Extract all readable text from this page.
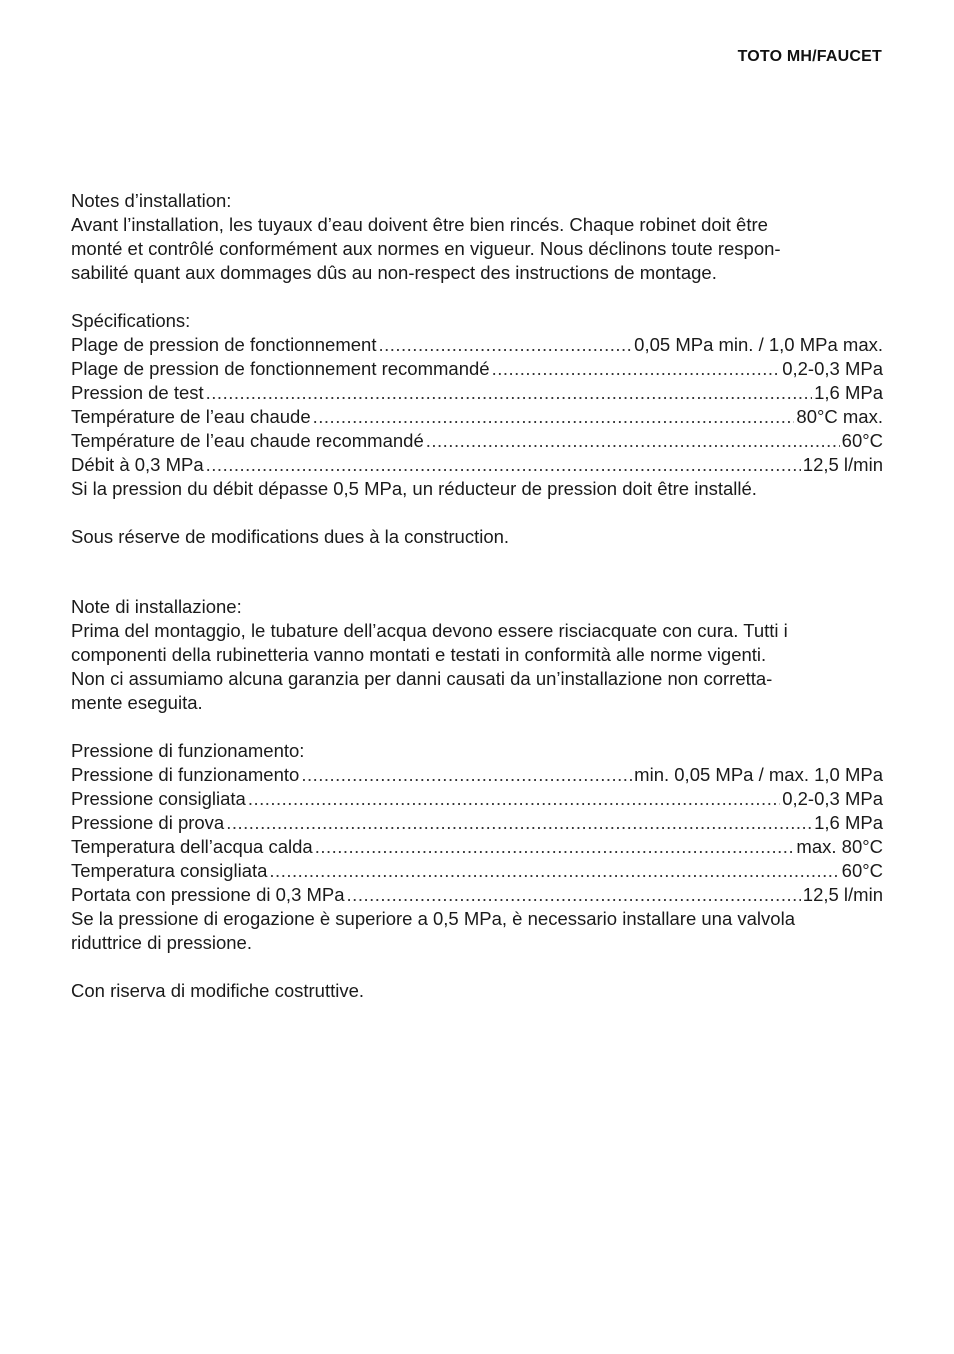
TOTO MH/FAUCET

Notes d’installation:

Avant l’installation, les tuyaux d’eau doivent être bien rincés. Chaque robinet doit être

monté et contrôlé conformément aux normes en vigueur. Nous déclinons toute respon-

sabilité quant aux dommages dûs au non-respect des instructions de montage.

Spécifications:

Plage de pression de fonctionnement .....	0,05 MPa min. / 1,0 MPa max.
Plage de pression de fonctionnement recommandé .....	0,2-0,3 MPa
Pression de test .....	1,6 MPa
Température de l’eau chaude .....	80°C max.
Température de l’eau chaude recommandé .....	60°C
Débit à 0,3 MPa .....	12,5 l/min

Si la pression du débit dépasse 0,5 MPa, un réducteur de pression doit être installé.

Sous réserve de modifications dues à la construction.

Note di installazione:

Prima del montaggio, le tubature dell’acqua devono essere risciacquate con cura. Tutti i

componenti della rubinetteria vanno montati e testati in conformità alle norme vigenti.

Non ci assumiamo alcuna garanzia per danni causati da un’installazione non corretta-

mente eseguita.

Pressione di funzionamento:

Pressione di funzionamento .....	min. 0,05 MPa / max. 1,0 MPa
Pressione consigliata .....	0,2-0,3 MPa
Pressione di prova .....	1,6 MPa
Temperatura dell’acqua calda .....	max. 80°C
Temperatura consigliata .....	60°C
Portata con pressione di 0,3 MPa .....	12,5 l/min

Se la pressione di erogazione è superiore a 0,5 MPa, è necessario installare una valvola

riduttrice di pressione.

Con riserva di modifiche costruttive.
